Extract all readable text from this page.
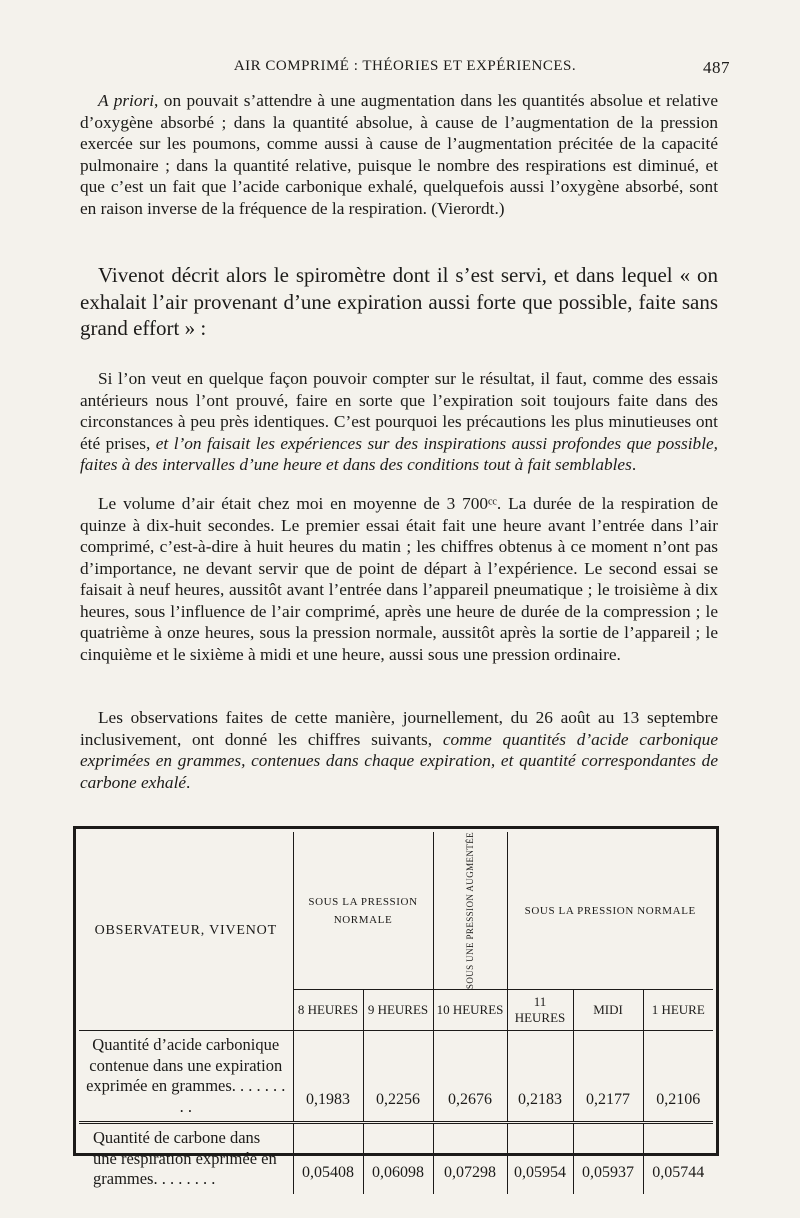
AIR COMPRIMÉ : THÉORIES ET EXPÉRIENCES.	487

A priori, on pouvait s’attendre à une augmentation dans les quantités absolue et relative d’oxygène absorbé ; dans la quantité absolue, à cause de l’augmentation de la pression exercée sur les poumons, comme aussi à cause de l’augmentation précitée de la capacité pulmonaire ; dans la quantité relative, puisque le nombre des respirations est diminué, et que c’est un fait que l’acide carbonique exhalé, quelquefois aussi l’oxygène absorbé, sont en raison inverse de la fréquence de la respiration. (Vierordt.)

Vivenot décrit alors le spiromètre dont il s’est servi, et dans lequel « on exhalait l’air provenant d’une expiration aussi forte que possible, faite sans grand effort » :

Si l’on veut en quelque façon pouvoir compter sur le résultat, il faut, comme des essais antérieurs nous l’ont prouvé, faire en sorte que l’expiration soit toujours faite dans des circonstances à peu près identiques. C’est pourquoi les précautions les plus minutieuses ont été prises, et l’on faisait les expériences sur des inspirations aussi profondes que possible, faites à des intervalles d’une heure et dans des conditions tout à fait semblables.

Le volume d’air était chez moi en moyenne de 3 700ᶜᶜ. La durée de la respiration de quinze à dix-huit secondes. Le premier essai était fait une heure avant l’entrée dans l’air comprimé, c’est-à-dire à huit heures du matin ; les chiffres obtenus à ce moment n’ont pas d’importance, ne devant servir que de point de départ à l’expérience. Le second essai se faisait à neuf heures, aussitôt avant l’entrée dans l’appareil pneumatique ; le troisième à dix heures, sous l’influence de l’air comprimé, après une heure de durée de la compression ; le quatrième à onze heures, sous la pression normale, aussitôt après la sortie de l’appareil ; le cinquième et le sixième à midi et une heure, aussi sous une pression ordinaire.

Les observations faites de cette manière, journellement, du 26 août au 13 septembre inclusivement, ont donné les chiffres suivants, comme quantités d’acide carbonique exprimées en grammes, contenues dans chaque expiration, et quantité correspondantes de carbone exhalé.

OBSERVATEUR, VIVENOT	SOUS LA PRESSION NORMALE		SOUS UNE PRESSION AUGMENTÉE	SOUS LA PRESSION NORMALE		
	8 HEURES	9 HEURES	10 HEURES	11 HEURES	MIDI	1 HEURE
Quantité d’acide carbonique contenue dans une expiration exprimée en grammes. . . . . . . . .	0,1983	0,2256	0,2676	0,2183	0,2177	0,2106
Quantité de carbone dans une respiration exprimée en grammes. . . . . . . .	0,05408	0,06098	0,07298	0,05954	0,05937	0,05744
